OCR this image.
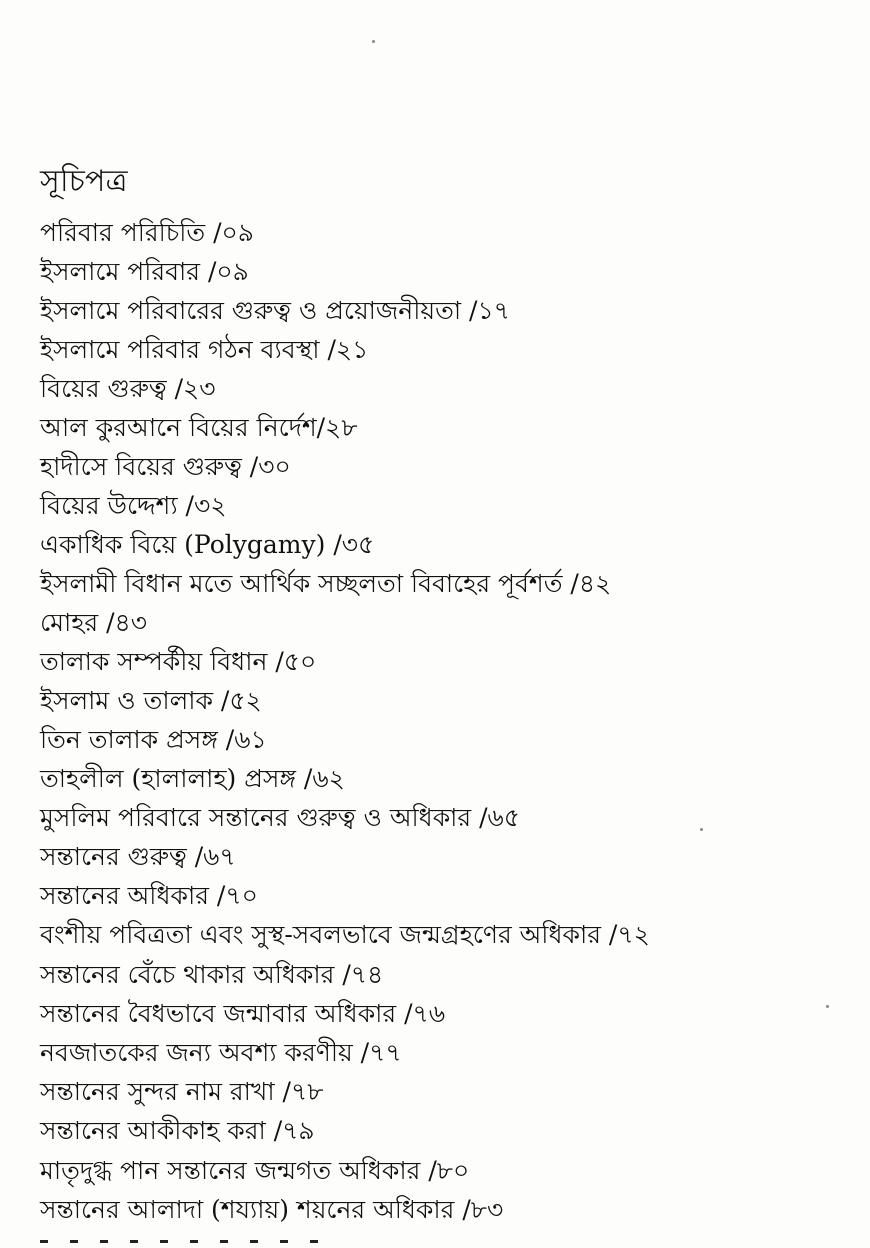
সূচিপত্র
পরিবার পরিচিতি /০৯
ইসলামে পরিবার /০৯
ইসলামে পরিবারের গুরুত্ব ও প্রয়োজনীয়তা /১৭
ইসলামে পরিবার গঠন ব্যবস্থা /২১
বিয়ের গুরুত্ব /২৩
আল কুরআনে বিয়ের নির্দেশ/২৮
হাদীসে বিয়ের গুরুত্ব /৩০
বিয়ের উদ্দেশ্য /৩২
একাধিক বিয়ে (Polygamy) /৩৫
ইসলামী বিধান মতে আর্থিক সচ্ছলতা বিবাহের পূর্বশর্ত /৪২
মোহর /৪৩
তালাক সম্পর্কীয় বিধান /৫০
ইসলাম ও তালাক /৫২
তিন তালাক প্রসঙ্গ /৬১
তাহলীল (হালালাহ) প্রসঙ্গ /৬২
মুসলিম পরিবারে সন্তানের গুরুত্ব ও অধিকার /৬৫
সন্তানের গুরুত্ব /৬৭
সন্তানের অধিকার /৭০
বংশীয় পবিত্রতা এবং সুস্থ-সবলভাবে জন্মগ্রহণের অধিকার /৭২
সন্তানের বেঁচে থাকার অধিকার /৭৪
সন্তানের বৈধভাবে জন্মাবার অধিকার /৭৬
নবজাতকের জন্য অবশ্য করণীয় /৭৭
সন্তানের সুন্দর নাম রাখা /৭৮
সন্তানের আকীকাহ করা /৭৯
মাতৃদুগ্ধ পান সন্তানের জন্মগত অধিকার /৮০
সন্তানের আলাদা (শয্যায়) শয়নের অধিকার /৮৩
